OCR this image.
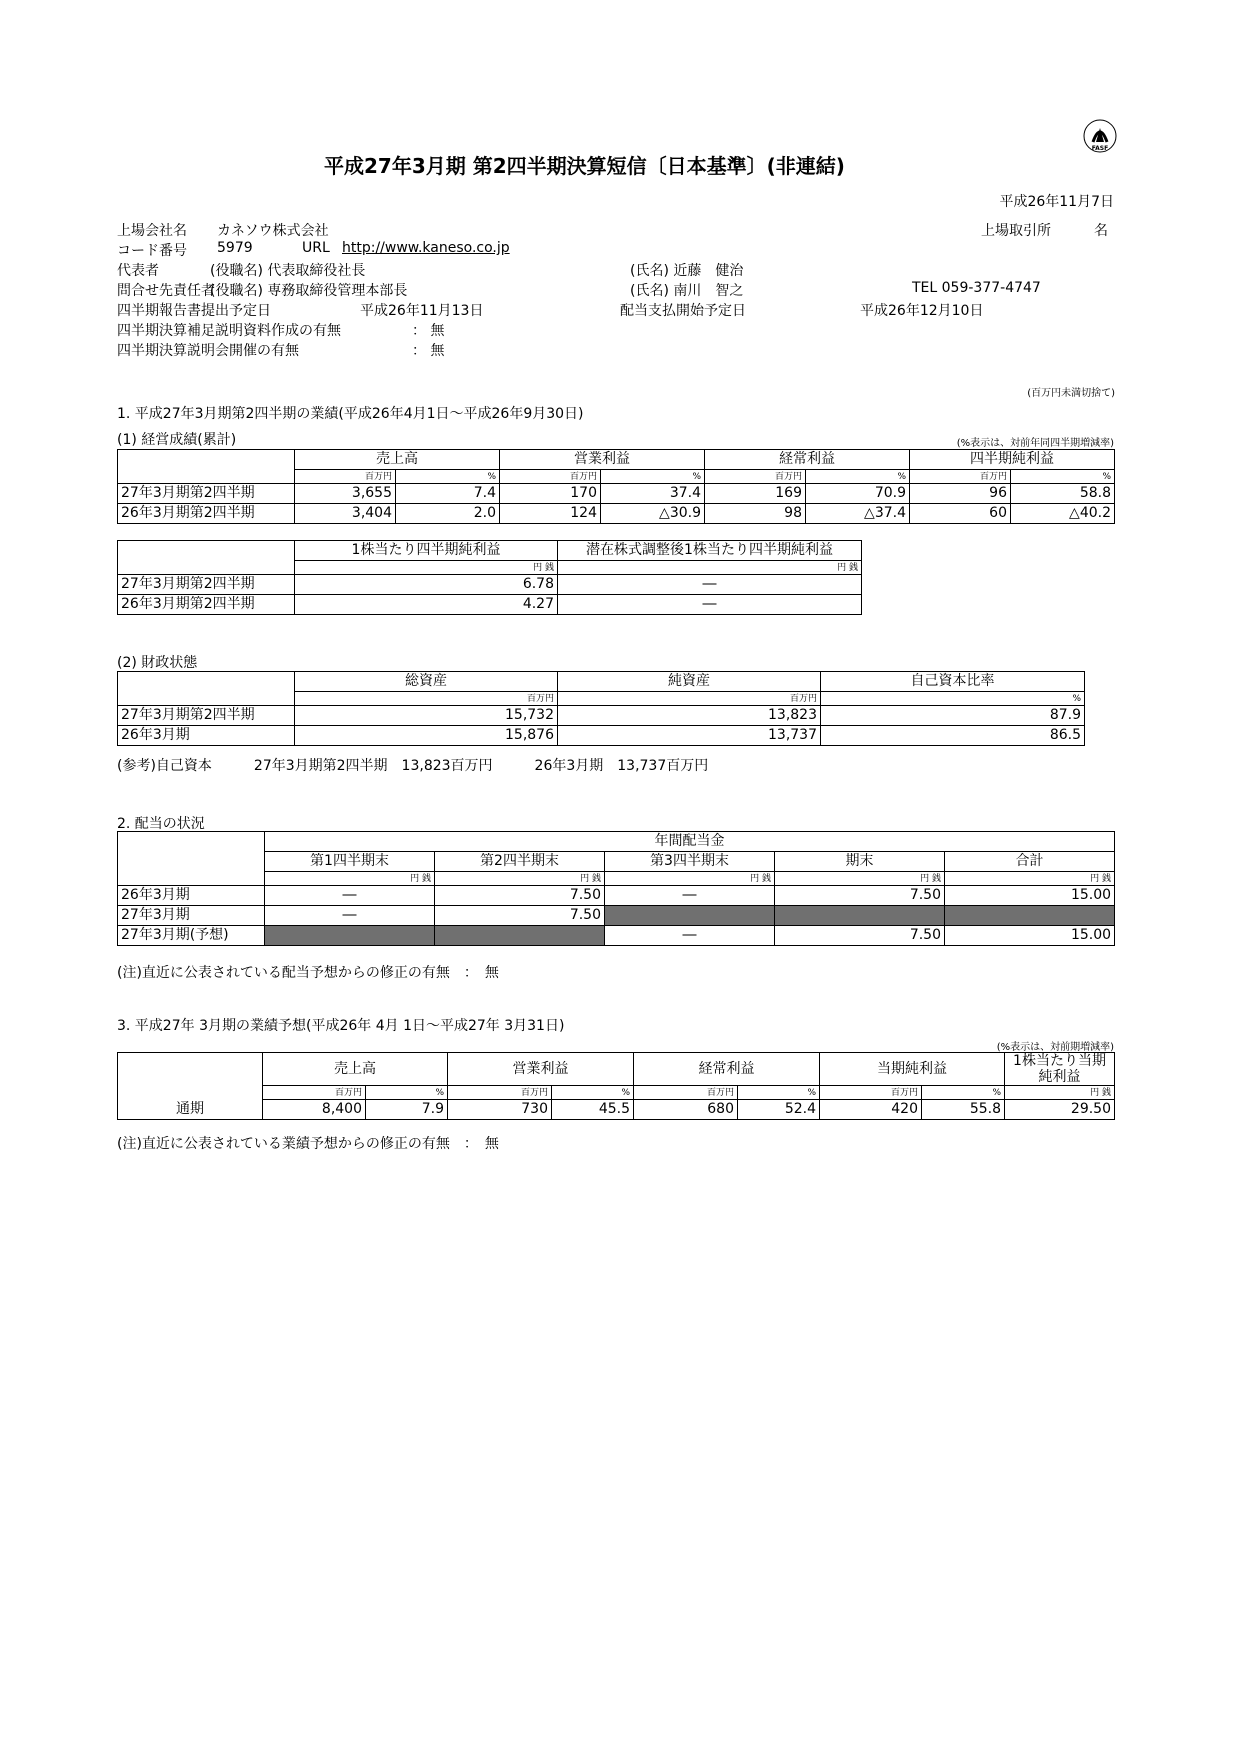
FASF
平成27年3月期 第2四半期決算短信〔日本基準〕(非連結)
平成26年11月7日
上場会社名 カネソウ株式会社	上場取引所	名
コード番号 5979	URL http://www.kaneso.co.jp
代表者	(役職名) 代表取締役社長	(氏名) 近藤　健治
問合せ先責任者
(役職名) 専務取締役管理本部長	(氏名) 南川　智之	TEL 059-377-4747
四半期報告書提出予定日	平成26年11月13日	配当支払開始予定日	平成26年12月10日
四半期決算補足説明資料作成の有無	： 無
四半期決算説明会開催の有無	： 無
(百万円未満切捨て)
1. 平成27年3月期第2四半期の業績(平成26年4月1日～平成26年9月30日)
(1) 経営成績(累計)	(%表示は、対前年同四半期増減率)
	売上高		営業利益		経常利益		四半期純利益	
	百万円	%	百万円	%	百万円	%	百万円	%
27年3月期第2四半期	3,655	7.4	170	37.4	169	70.9	96	58.8
26年3月期第2四半期	3,404	2.0	124	△30.9	98	△37.4	60	△40.2
	1株当たり四半期純利益	潜在株式調整後1株当たり四半期純利益
	円 銭	円 銭
27年3月期第2四半期	6.78	―
26年3月期第2四半期	4.27	―
(2) 財政状態
	総資産	純資産	自己資本比率
	百万円	百万円	%
27年3月期第2四半期	15,732	13,823	87.9
26年3月期	15,876	13,737	86.5
(参考)自己資本　　　27年3月期第2四半期　13,823百万円　　　26年3月期　13,737百万円
2. 配当の状況
	年間配当金				
	第1四半期末	第2四半期末	第3四半期末	期末	合計
	円 銭	円 銭	円 銭	円 銭	円 銭
26年3月期	―	7.50	―	7.50	15.00
27年3月期	―	7.50			
27年3月期(予想)			―	7.50	15.00
(注)直近に公表されている配当予想からの修正の有無　：　無
3. 平成27年 3月期の業績予想(平成26年 4月 1日～平成27年 3月31日)
(%表示は、対前期増減率)
	売上高		営業利益		経常利益		当期純利益		1株当たり当期
純利益

	百万円	%	百万円	%	百万円	%	百万円	%	円 銭
通期	8,400	7.9	730	45.5	680	52.4	420	55.8	29.50
(注)直近に公表されている業績予想からの修正の有無　：　無
